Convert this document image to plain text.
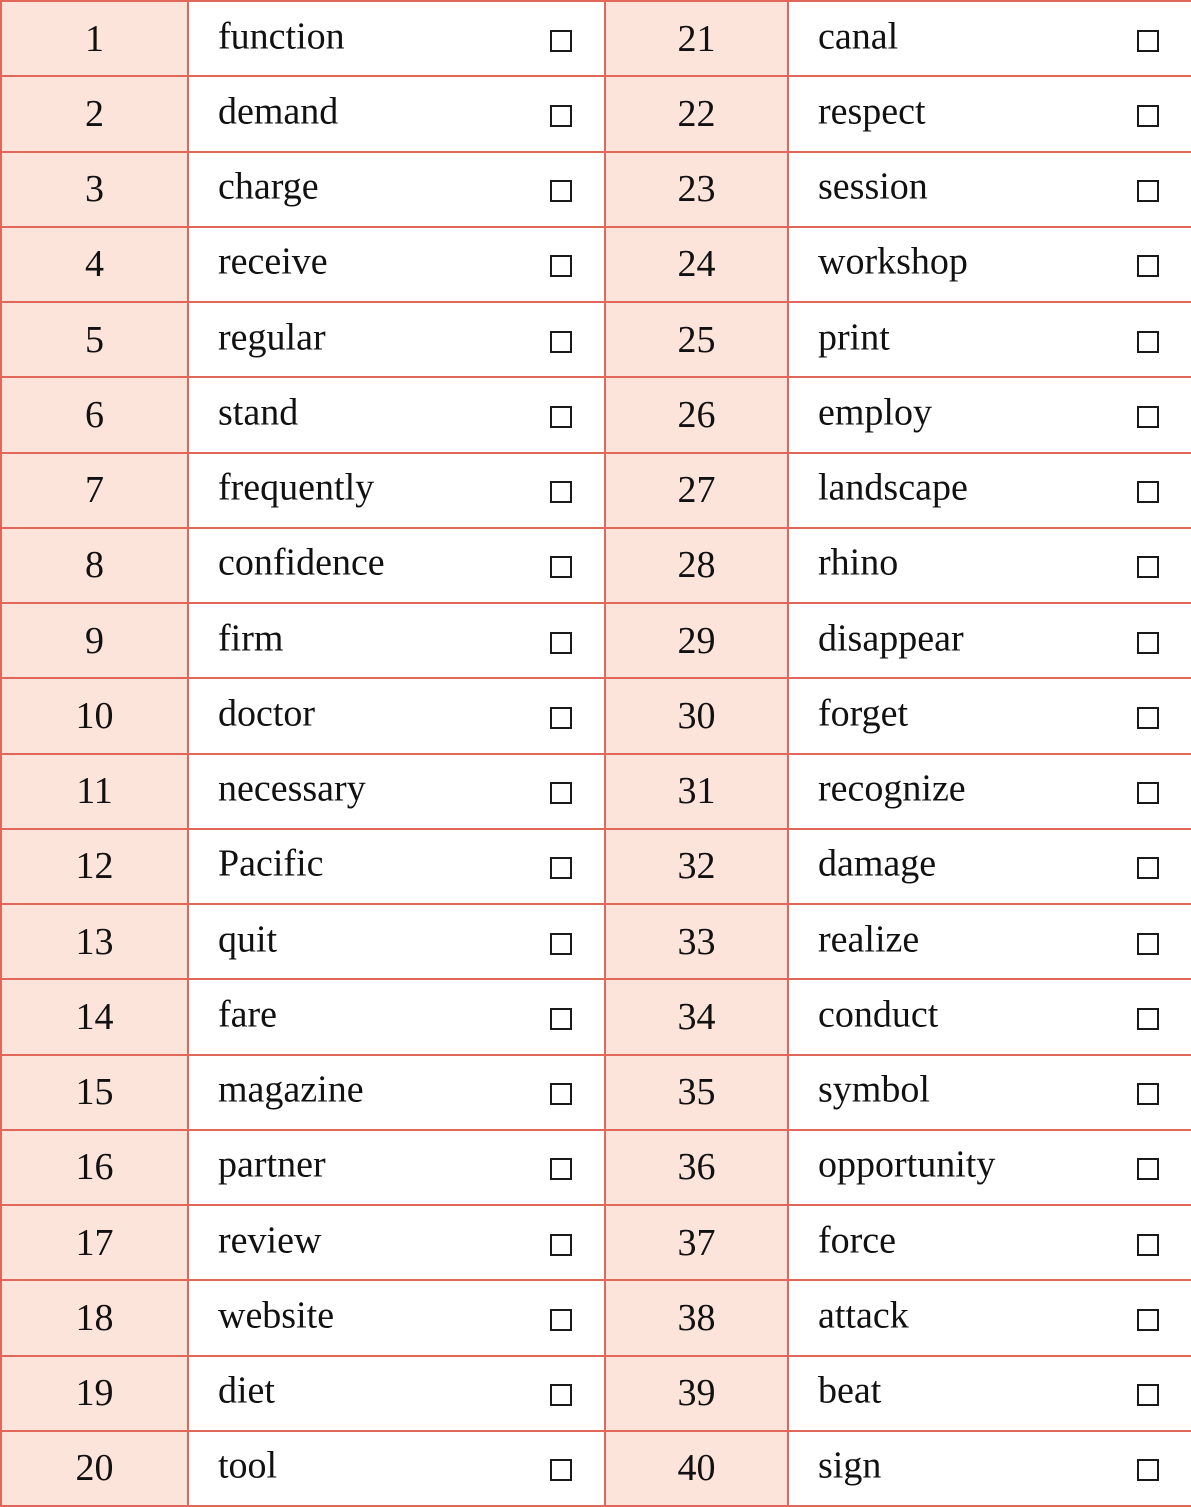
1	function	21	canal

2	demand	22	respect

3	charge	23	session

4	receive	24	workshop

5	regular	25	print

6	stand	26	employ

7	frequently	27	landscape

8	confidence	28	rhino

9	firm	29	disappear

10	doctor	30	forget

11	necessary	31	recognize

12	Pacific	32	damage

13	quit	33	realize

14	fare	34	conduct

15	magazine	35	symbol

16	partner	36	opportunity

17	review	37	force

18	website	38	attack

19	diet	39	beat

20	tool	40	sign
